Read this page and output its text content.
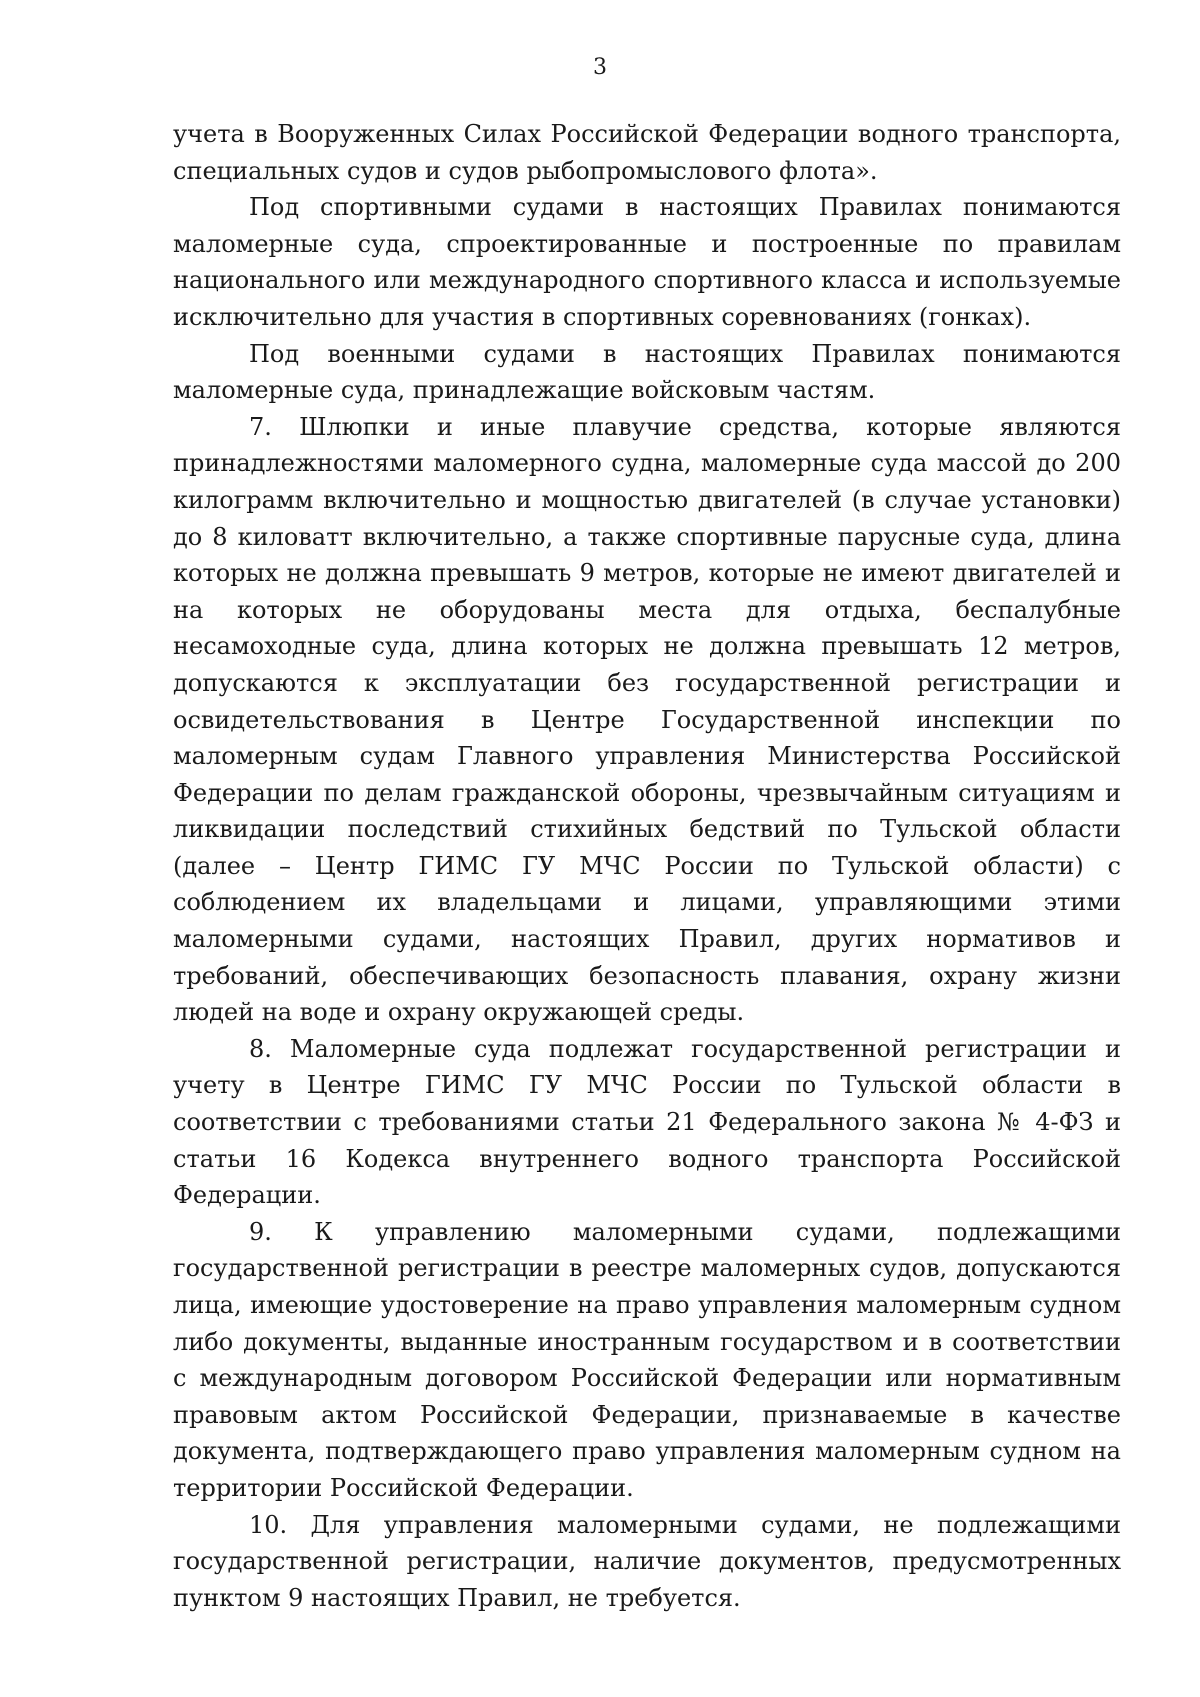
3

учета в Вооруженных Силах Российской Федерации водного транспорта, специальных судов и судов рыбопромыслового флота».

Под спортивными судами в настоящих Правилах понимаются маломерные суда, спроектированные и построенные по правилам национального или международного спортивного класса и используемые исключительно для участия в спортивных соревнованиях (гонках).

Под военными судами в настоящих Правилах понимаются маломерные суда, принадлежащие войсковым частям.

7. Шлюпки и иные плавучие средства, которые являются принадлежностями маломерного судна, маломерные суда массой до 200 килограмм включительно и мощностью двигателей (в случае установки) до 8 киловатт включительно, а также спортивные парусные суда, длина которых не должна превышать 9 метров, которые не имеют двигателей и на которых не оборудованы места для отдыха, беспалубные несамоходные суда, длина которых не должна превышать 12 метров, допускаются к эксплуатации без государственной регистрации и освидетельствования в Центре Государственной инспекции по маломерным судам Главного управления Министерства Российской Федерации по делам гражданской обороны, чрезвычайным ситуациям и ликвидации последствий стихийных бедствий по Тульской области (далее – Центр ГИМС ГУ МЧС России по Тульской области) с соблюдением их владельцами и лицами, управляющими этими маломерными судами, настоящих Правил, других нормативов и требований, обеспечивающих безопасность плавания, охрану жизни людей на воде и охрану окружающей среды.

8. Маломерные суда подлежат государственной регистрации и учету в Центре ГИМС ГУ МЧС России по Тульской области в соответствии с требованиями статьи 21 Федерального закона № 4-ФЗ и статьи 16 Кодекса внутреннего водного транспорта Российской Федерации.

9. К управлению маломерными судами, подлежащими государственной регистрации в реестре маломерных судов, допускаются лица, имеющие удостоверение на право управления маломерным судном либо документы, выданные иностранным государством и в соответствии с международным договором Российской Федерации или нормативным правовым актом Российской Федерации, признаваемые в качестве документа, подтверждающего право управления маломерным судном на территории Российской Федерации.

10. Для управления маломерными судами, не подлежащими государственной регистрации, наличие документов, предусмотренных пунктом 9 настоящих Правил, не требуется.
